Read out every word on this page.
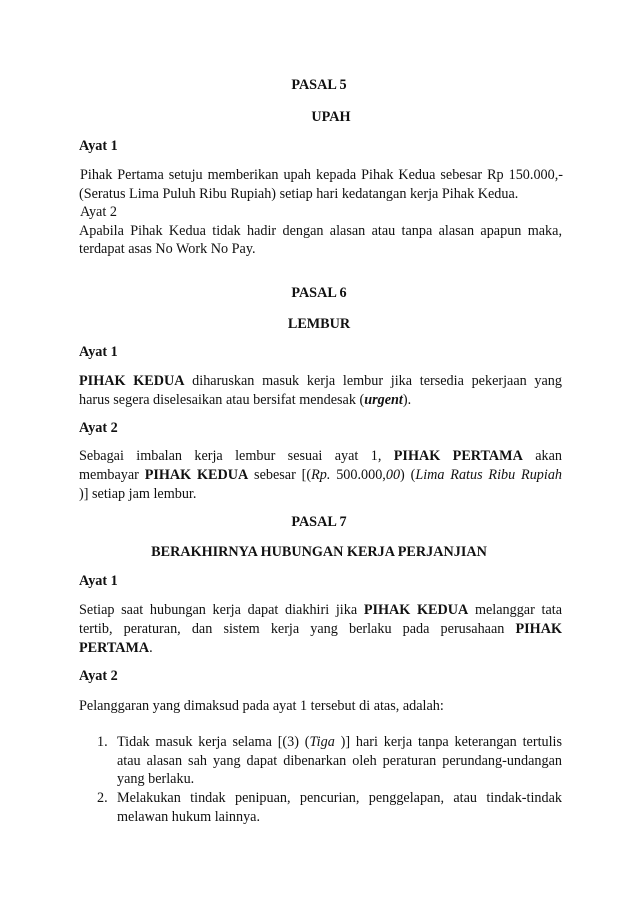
PASAL 5
UPAH
Ayat 1
Pihak Pertama setuju memberikan upah kepada Pihak Kedua sebesar Rp 150.000,-
(Seratus Lima Puluh Ribu Rupiah) setiap hari kedatangan kerja Pihak Kedua.
Ayat 2
Apabila Pihak Kedua tidak hadir dengan alasan atau tanpa alasan apapun maka,
terdapat asas No Work No Pay.
PASAL 6
LEMBUR
Ayat 1
PIHAK KEDUA diharuskan masuk kerja lembur jika tersedia pekerjaan yang
harus segera diselesaikan atau bersifat mendesak (urgent).
Ayat 2
Sebagai imbalan kerja lembur sesuai ayat 1, PIHAK PERTAMA akan
membayar PIHAK KEDUA sebesar [(Rp. 500.000,00) (Lima Ratus Ribu Rupiah
)] setiap jam lembur.
PASAL 7
BERAKHIRNYA HUBUNGAN KERJA PERJANJIAN
Ayat 1
Setiap saat hubungan kerja dapat diakhiri jika PIHAK KEDUA melanggar tata
tertib, peraturan, dan sistem kerja yang berlaku pada perusahaan PIHAK
PERTAMA.
Ayat 2
Pelanggaran yang dimaksud pada ayat 1 tersebut di atas, adalah:
1. Tidak masuk kerja selama [(3) (Tiga )] hari kerja tanpa keterangan tertulis
atau alasan sah yang dapat dibenarkan oleh peraturan perundang-undangan
yang berlaku.
2. Melakukan tindak penipuan, pencurian, penggelapan, atau tindak-tindak
melawan hukum lainnya.
